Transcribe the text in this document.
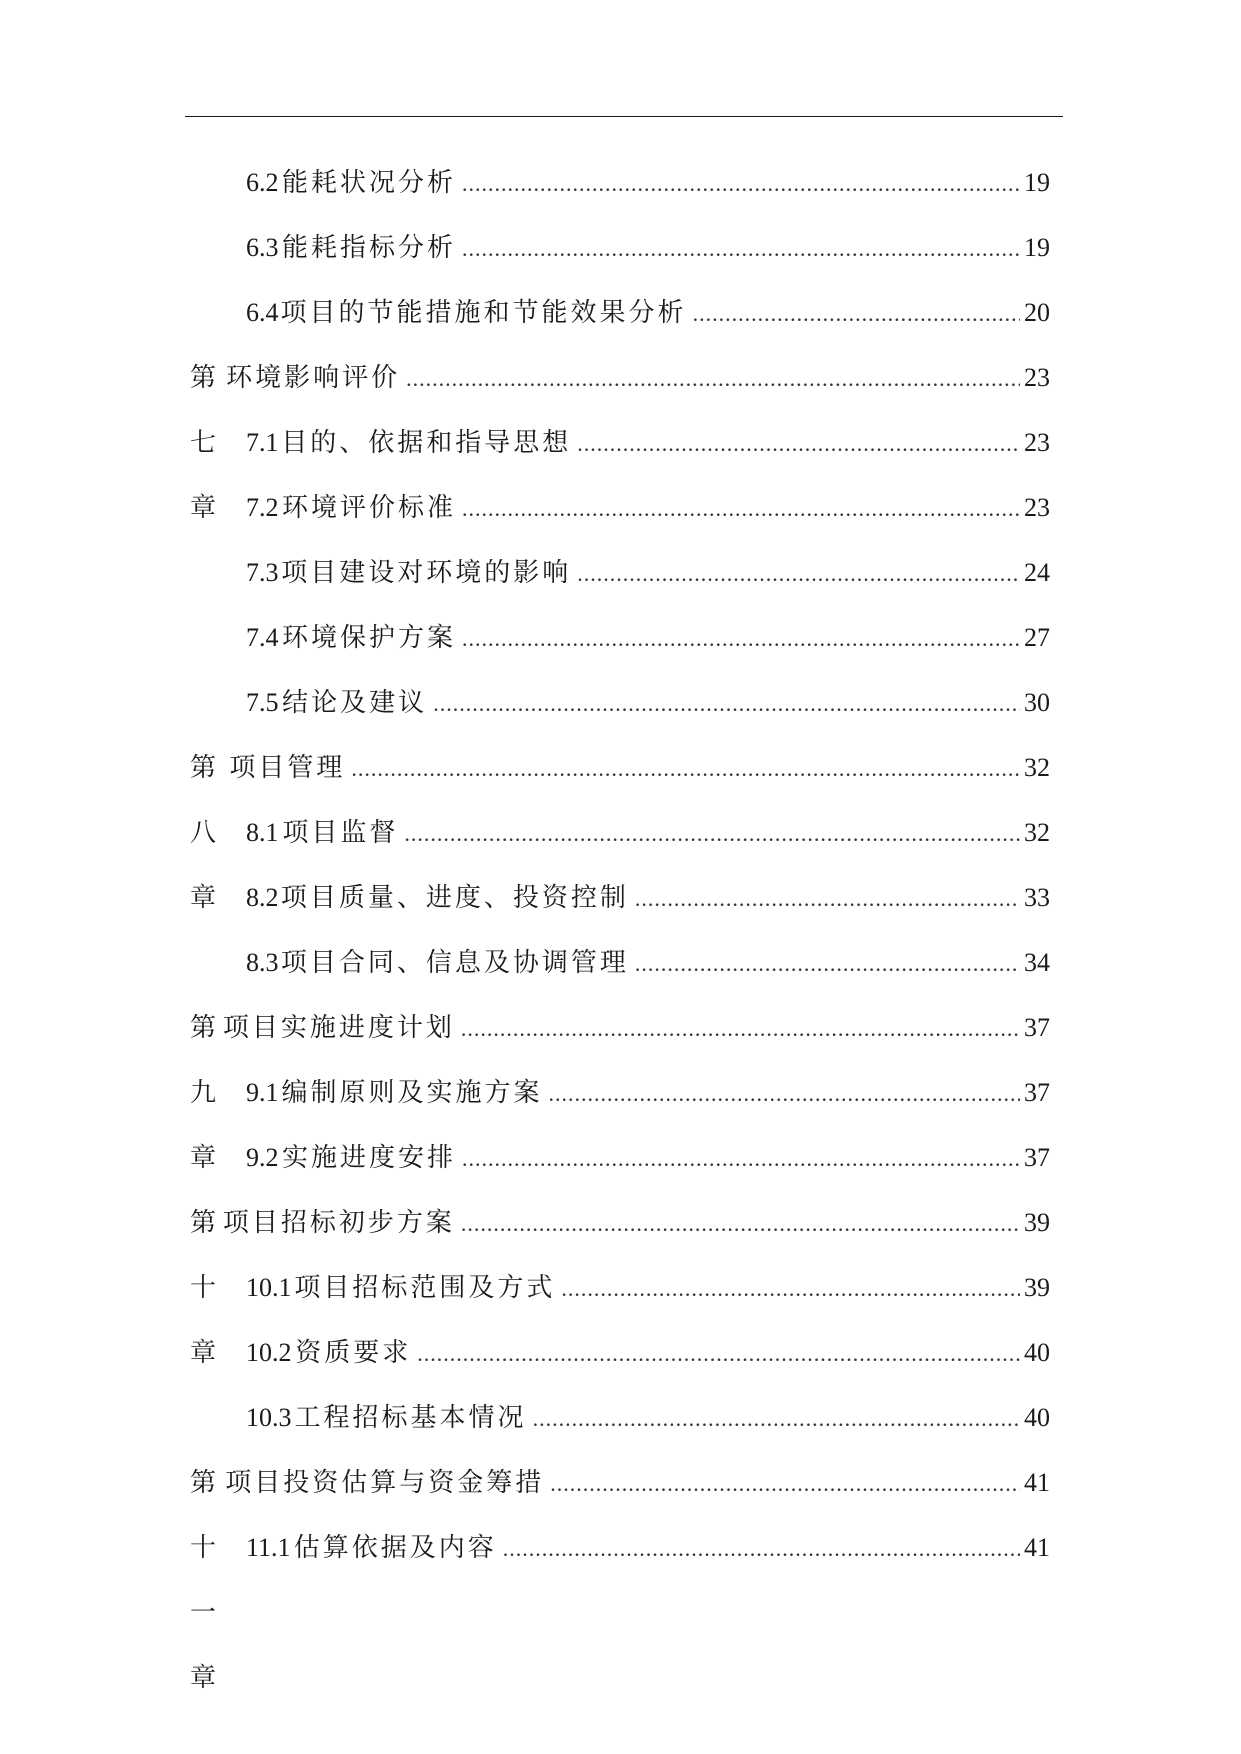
6.2 能耗状况分析 .....	19
6.3 能耗指标分析 .....	19
6.4 项目的节能措施和节能效果分析 .....	20
第七章
环境影响评价 .....	23
7.1 目的、依据和指导思想 .....	23
7.2 环境评价标准 .....	23
7.3 项目建设对环境的影响 .....	24
7.4 环境保护方案 .....	27
7.5 结论及建议 .....	30
第八章
项目管理 .....	32
8.1 项目监督 .....	32
8.2 项目质量、进度、投资控制 .....	33
8.3 项目合同、信息及协调管理 .....	34
第九章
项目实施进度计划 .....	37
9.1 编制原则及实施方案 .....	37
9.2 实施进度安排 .....	37
第十章
项目招标初步方案 .....	39
10.1 项目招标范围及方式 .....	39
10.2 资质要求 .....	40
10.3 工程招标基本情况 .....	40
第十一章
项目投资估算与资金筹措 .....	41
11.1 估算依据及内容 .....	41
